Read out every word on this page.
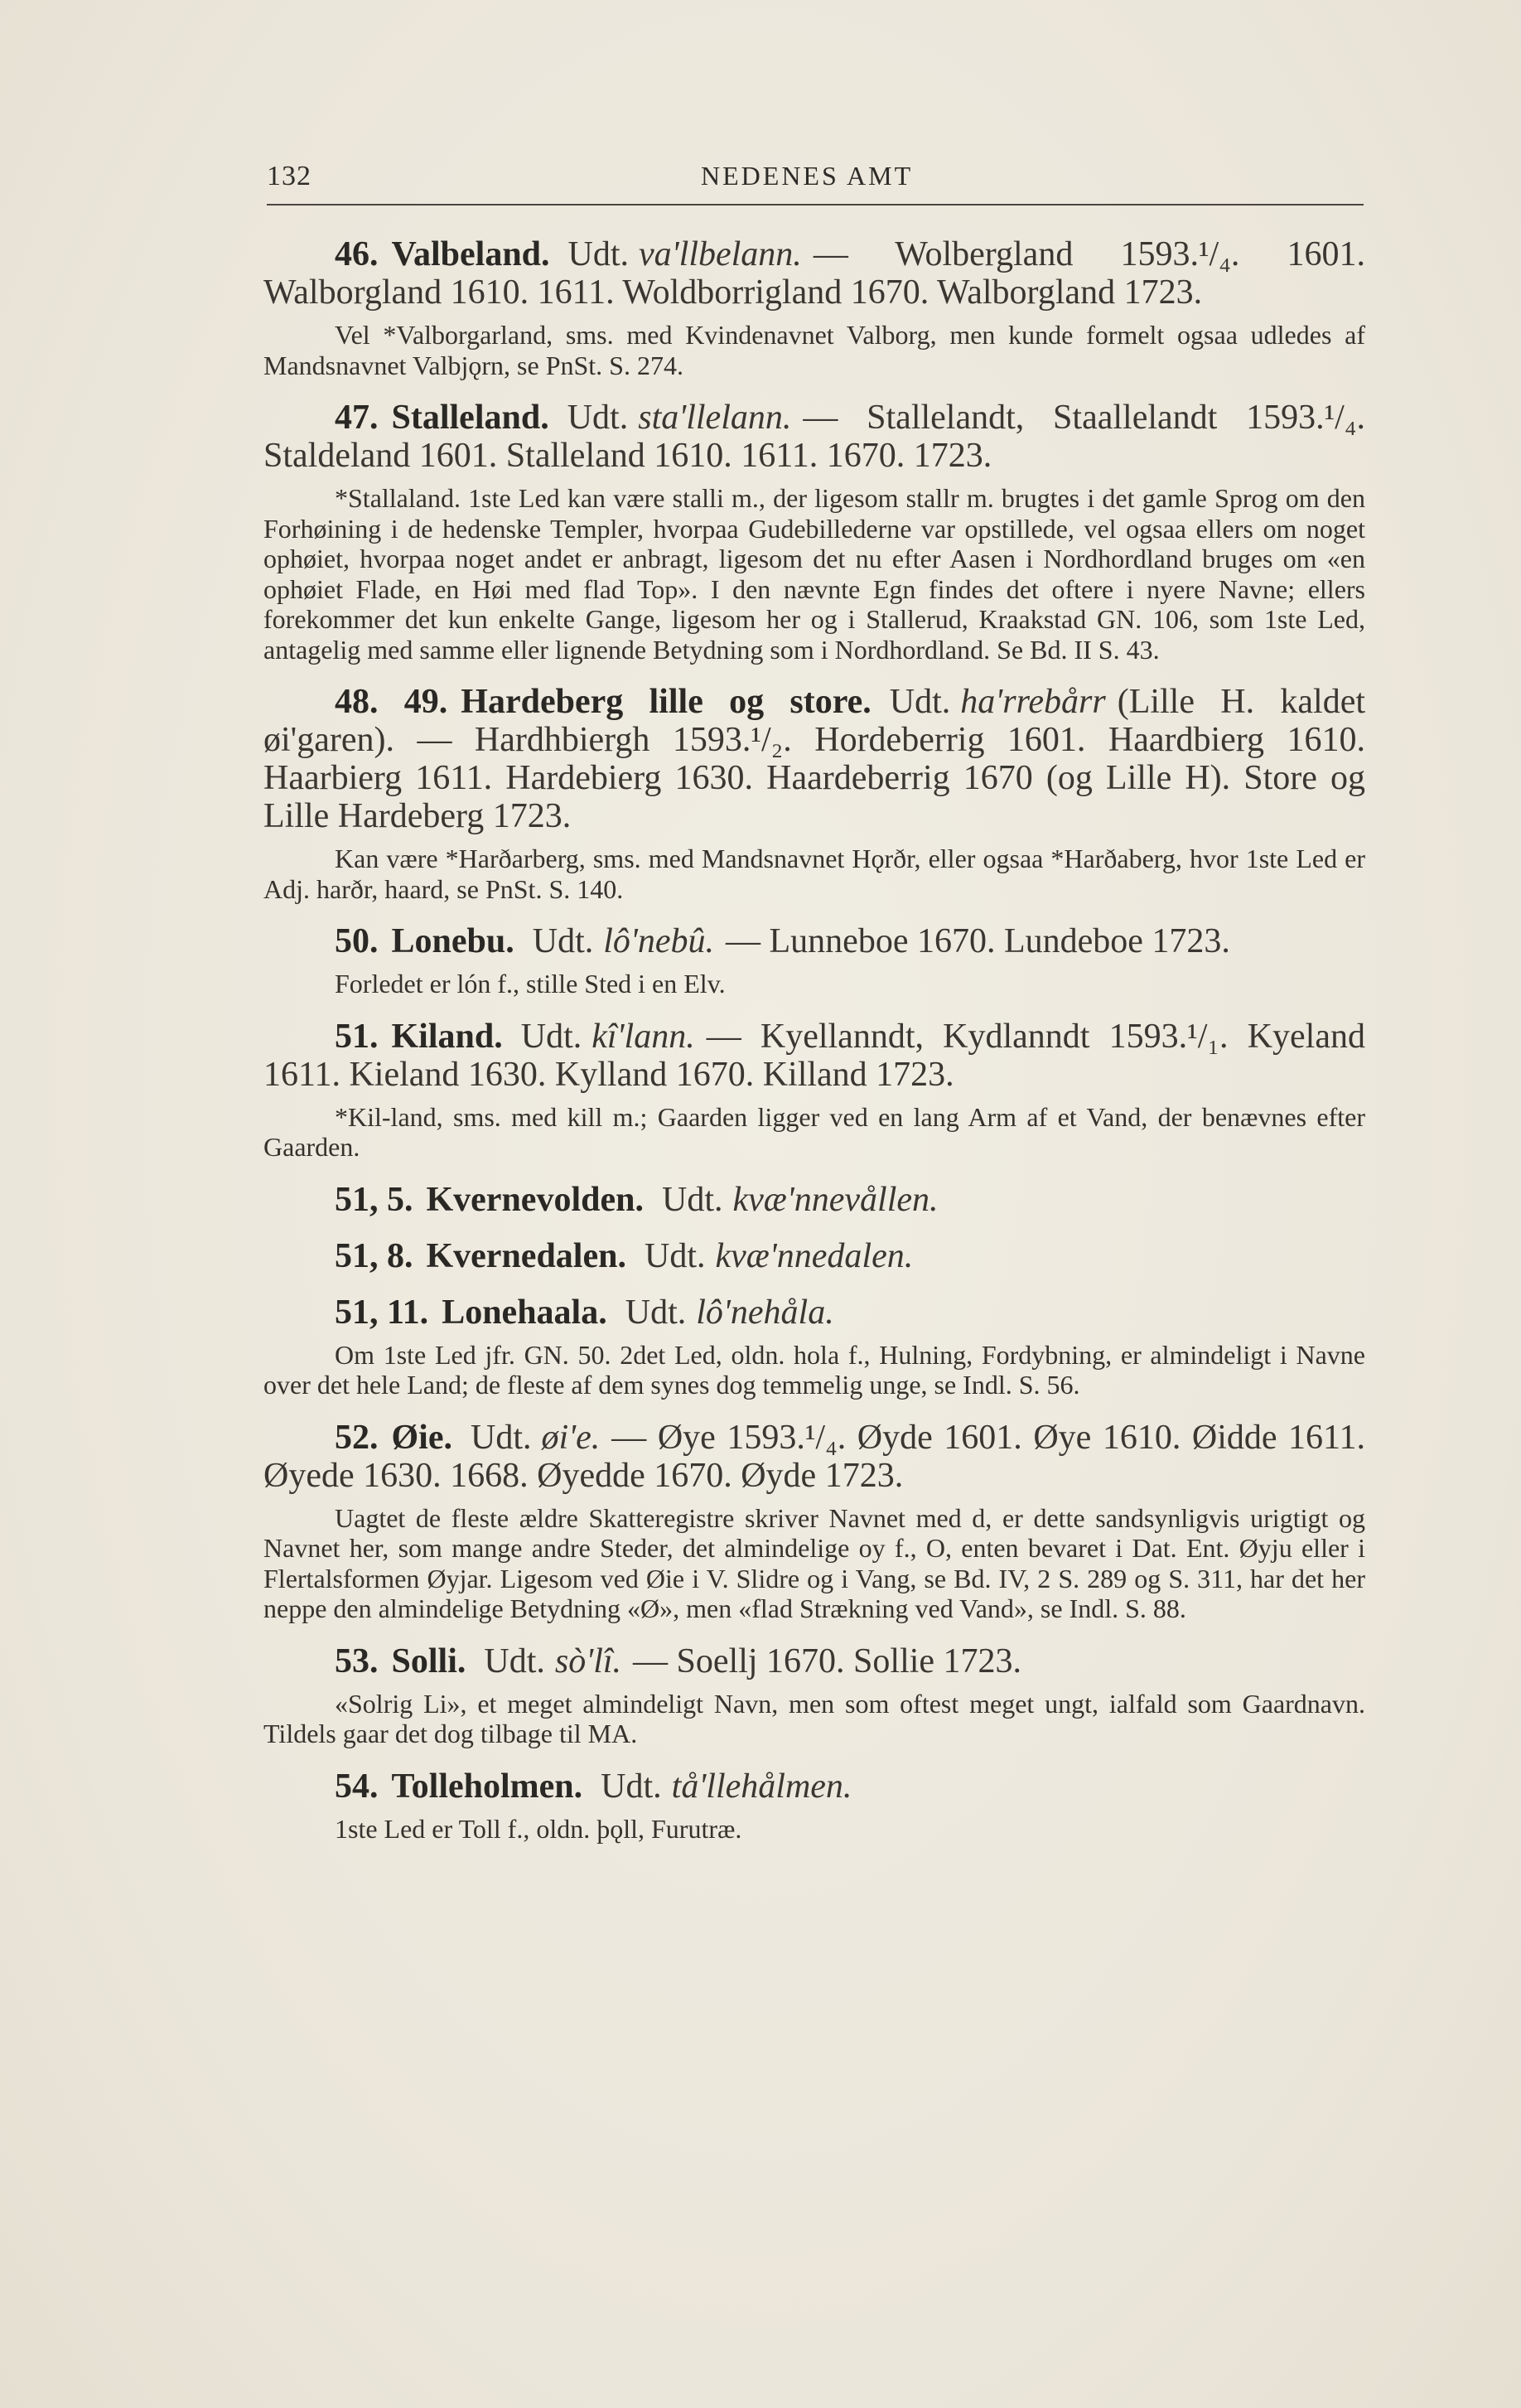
132	NEDENES AMT

46. Valbeland. Udt. va'llbelann. — Wolbergland 1593.¹/₄. 1601. Walborgland 1610. 1611. Woldborrigland 1670. Walborgland 1723.

Vel *Valborgarland, sms. med Kvindenavnet Valborg, men kunde formelt ogsaa udledes af Mandsnavnet Valbjǫrn, se PnSt. S. 274.

47. Stalleland. Udt. sta'llelann. — Stallelandt, Staallelandt 1593.¹/₄. Staldeland 1601. Stalleland 1610. 1611. 1670. 1723.

*Stallaland. 1ste Led kan være stalli m., der ligesom stallr m. brugtes i det gamle Sprog om den Forhøining i de hedenske Templer, hvorpaa Gudebillederne var opstillede, vel ogsaa ellers om noget ophøiet, hvorpaa noget andet er anbragt, ligesom det nu efter Aasen i Nordhordland bruges om «en ophøiet Flade, en Høi med flad Top». I den nævnte Egn findes det oftere i nyere Navne; ellers forekommer det kun enkelte Gange, ligesom her og i Stallerud, Kraakstad GN. 106, som 1ste Led, antagelig med samme eller lignende Betydning som i Nordhordland. Se Bd. II S. 43.

48. 49. Hardeberg lille og store. Udt. ha'rrebårr (Lille H. kaldet øi'garen). — Hardhbiergh 1593.¹/₂. Hordeberrig 1601. Haardbierg 1610. Haarbierg 1611. Hardebierg 1630. Haardeberrig 1670 (og Lille H). Store og Lille Hardeberg 1723.

Kan være *Harðarberg, sms. med Mandsnavnet Hǫrðr, eller ogsaa *Harðaberg, hvor 1ste Led er Adj. harðr, haard, se PnSt. S. 140.

50. Lonebu. Udt. lô'nebû. — Lunneboe 1670. Lundeboe 1723.

Forledet er lón f., stille Sted i en Elv.

51. Kiland. Udt. kî'lann. — Kyellanndt, Kydlanndt 1593.¹/₁. Kyeland 1611. Kieland 1630. Kylland 1670. Killand 1723.

*Kil-land, sms. med kill m.; Gaarden ligger ved en lang Arm af et Vand, der benævnes efter Gaarden.

51, 5. Kvernevolden. Udt. kvæ'nnevållen.

51, 8. Kvernedalen. Udt. kvæ'nnedalen.

51, 11. Lonehaala. Udt. lô'nehåla.

Om 1ste Led jfr. GN. 50. 2det Led, oldn. hola f., Hulning, Fordybning, er almindeligt i Navne over det hele Land; de fleste af dem synes dog temmelig unge, se Indl. S. 56.

52. Øie. Udt. øi'e. — Øye 1593.¹/₄. Øyde 1601. Øye 1610. Øidde 1611. Øyede 1630. 1668. Øyedde 1670. Øyde 1723.

Uagtet de fleste ældre Skatteregistre skriver Navnet med d, er dette sandsynligvis urigtigt og Navnet her, som mange andre Steder, det almindelige oy f., O, enten bevaret i Dat. Ent. Øyju eller i Flertalsformen Øyjar. Ligesom ved Øie i V. Slidre og i Vang, se Bd. IV, 2 S. 289 og S. 311, har det her neppe den almindelige Betydning «Ø», men «flad Strækning ved Vand», se Indl. S. 88.

53. Solli. Udt. sò'lî. — Soellj 1670. Sollie 1723.

«Solrig Li», et meget almindeligt Navn, men som oftest meget ungt, ialfald som Gaardnavn. Tildels gaar det dog tilbage til MA.

54. Tolleholmen. Udt. tå'llehålmen.

1ste Led er Toll f., oldn. þǫll, Furutræ.
